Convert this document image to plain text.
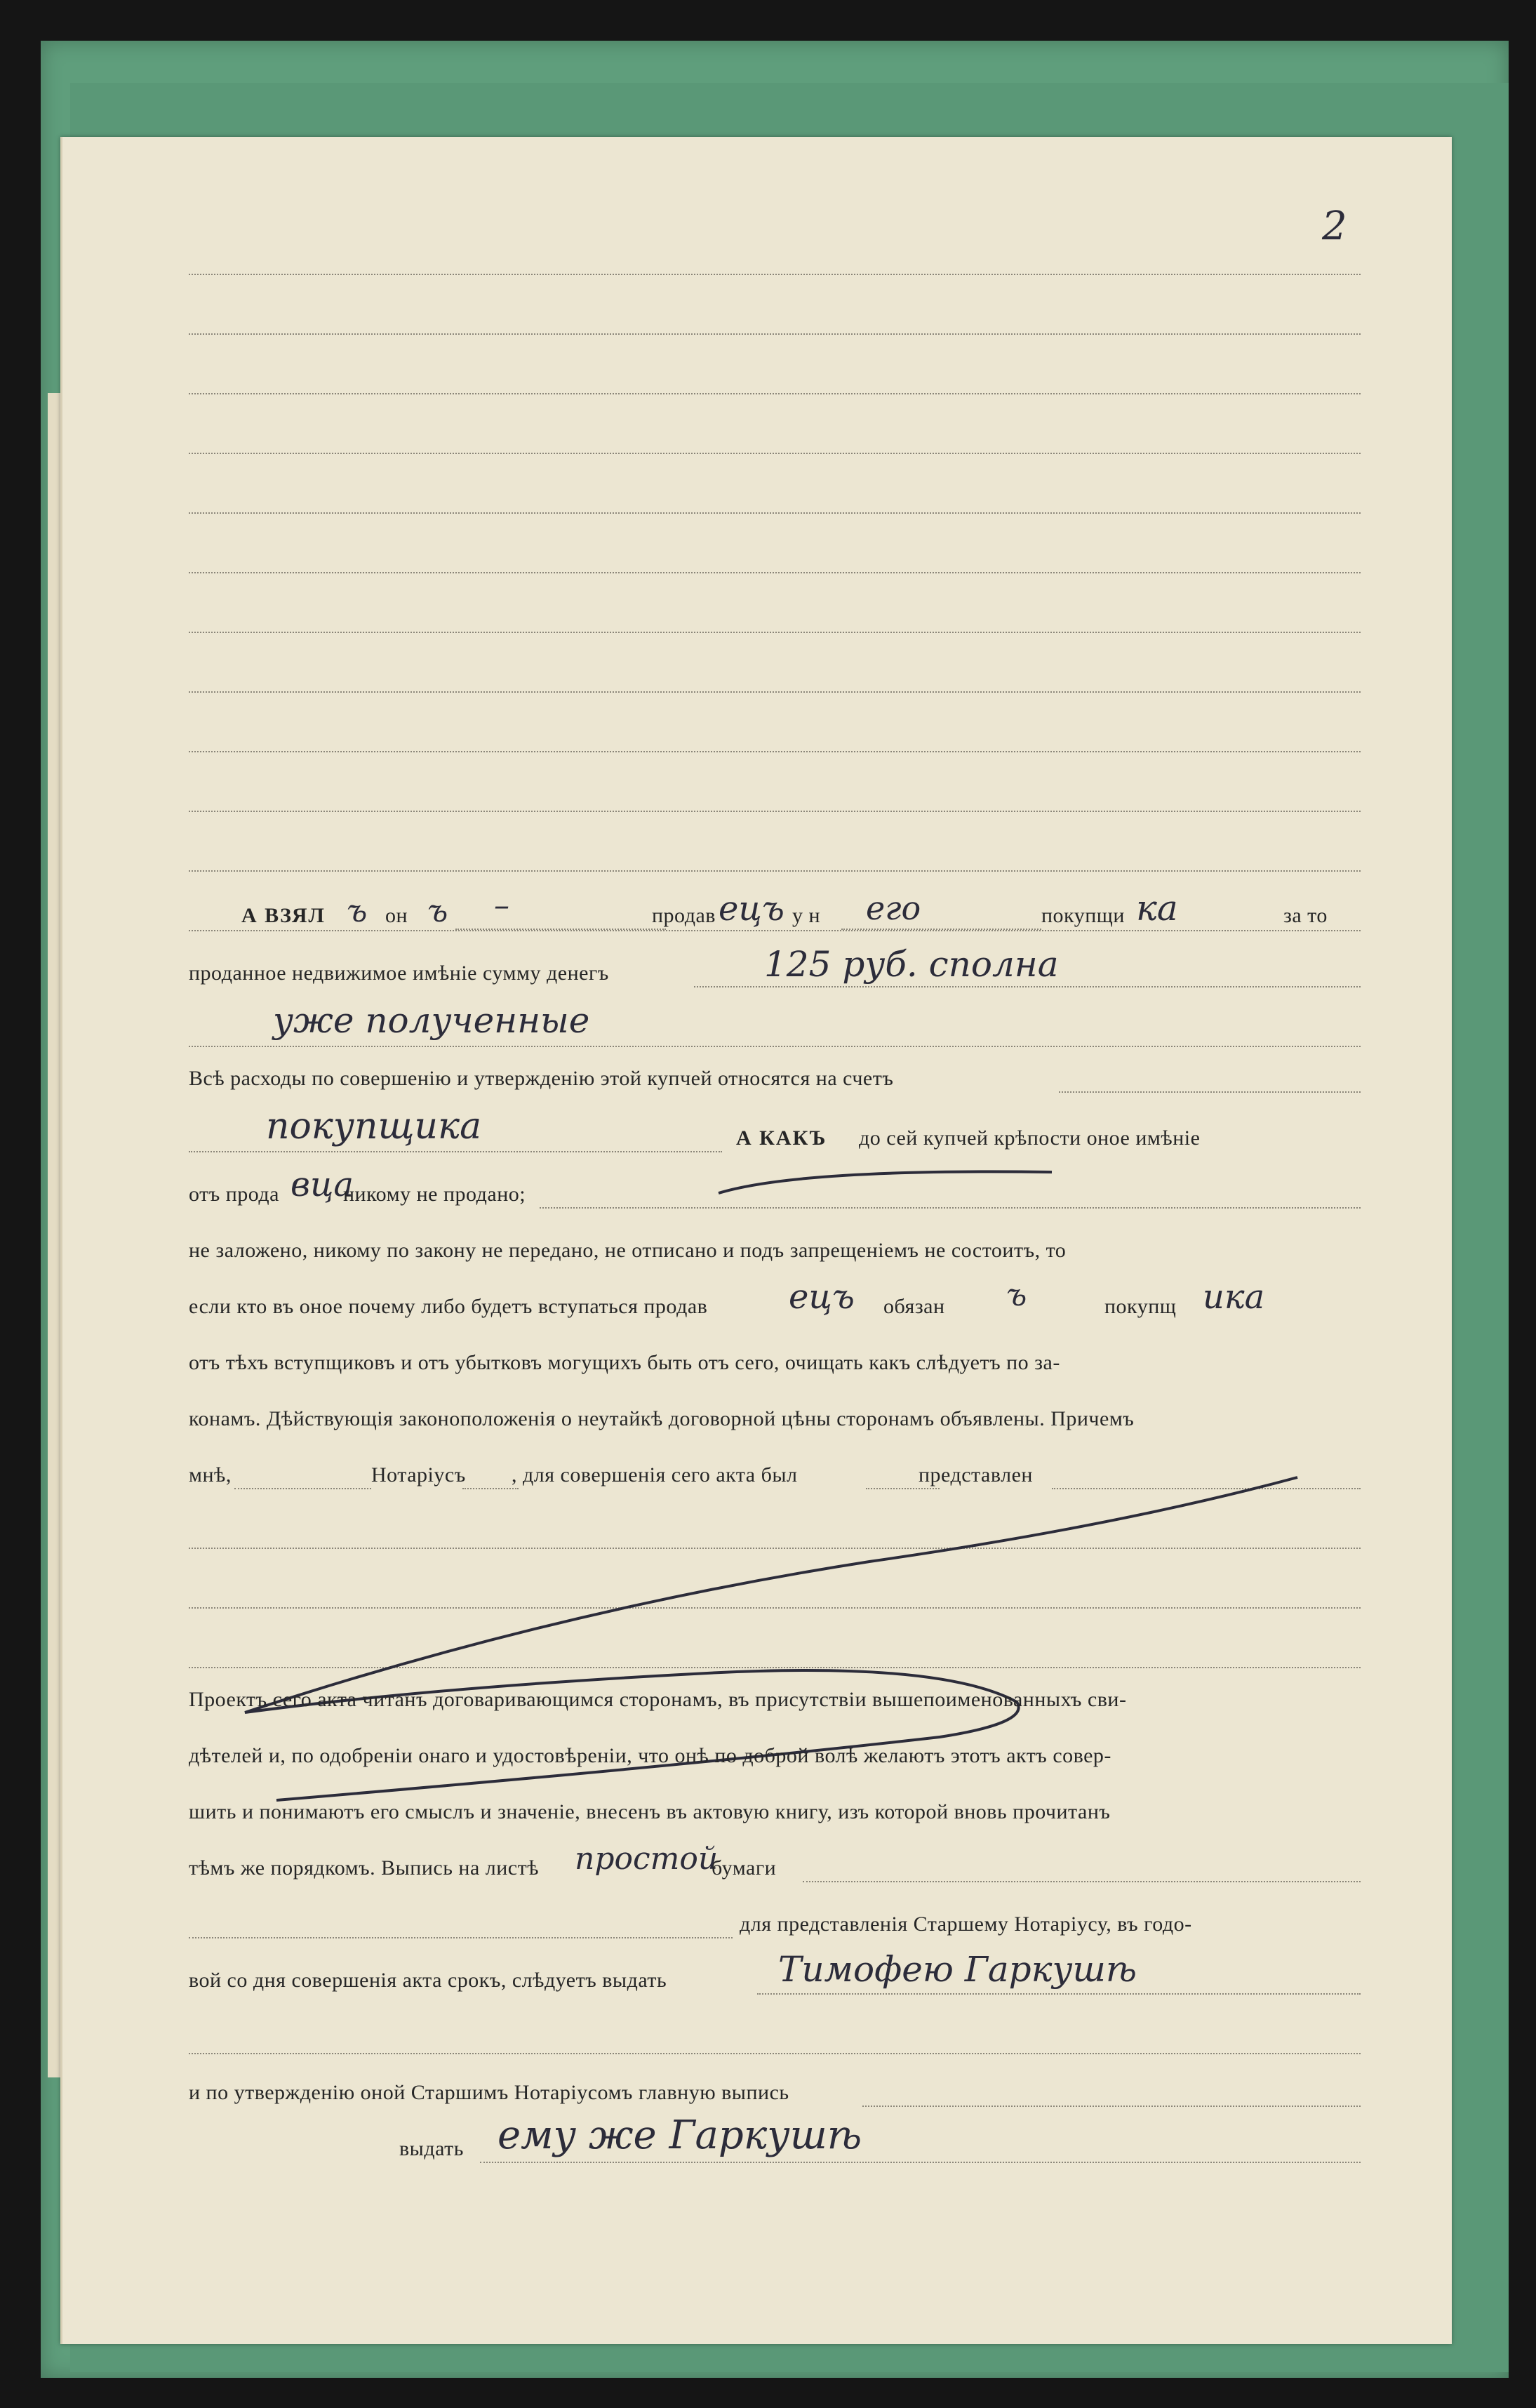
2
А ВЗЯЛ ъ он ъ –	продав ецъ у н его	покупщи ка	за то
проданное недвижимое имѣніе сумму денегъ	125 руб. сполна
уже полученные
Всѣ расходы по совершенію и утвержденію этой купчей относятся на счетъ
покупщика	А КАКЪ до сей купчей крѣпости оное имѣніе
отъ прода вца
никому не продано;
не заложено, никому по закону не передано, не отписано и подъ запрещеніемъ не состоитъ, то
если кто въ оное почему либо будетъ вступаться продав ецъ обязан ъ	покупщ ика
отъ тѣхъ вступщиковъ и отъ убытковъ могущихъ быть отъ сего, очищать какъ слѣдуетъ по за-
конамъ. Дѣйствующія законоположенія о неутайкѣ договорной цѣны сторонамъ объявлены. Причемъ
мнѣ,	Нотаріусъ , для совершенія сего акта был	представлен
Проектъ сего акта читанъ договаривающимся сторонамъ, въ присутствіи вышепоименованныхъ сви-
дѣтелей и, по одобреніи онаго и удостовѣреніи, что онѣ по доброй волѣ желаютъ этотъ актъ совер-
шить и понимаютъ его смыслъ и значеніе, внесенъ въ актовую книгу, изъ которой вновь прочитанъ
тѣмъ же порядкомъ. Выпись на листѣ простой
бумаги
для представленія Старшему Нотаріусу, въ годо-
вой со дня совершенія акта срокъ, слѣдуетъ выдать	Тимофею Гаркушѣ
и по утвержденію оной Старшимъ Нотаріусомъ главную выпись
выдать ему же Гаркушѣ
